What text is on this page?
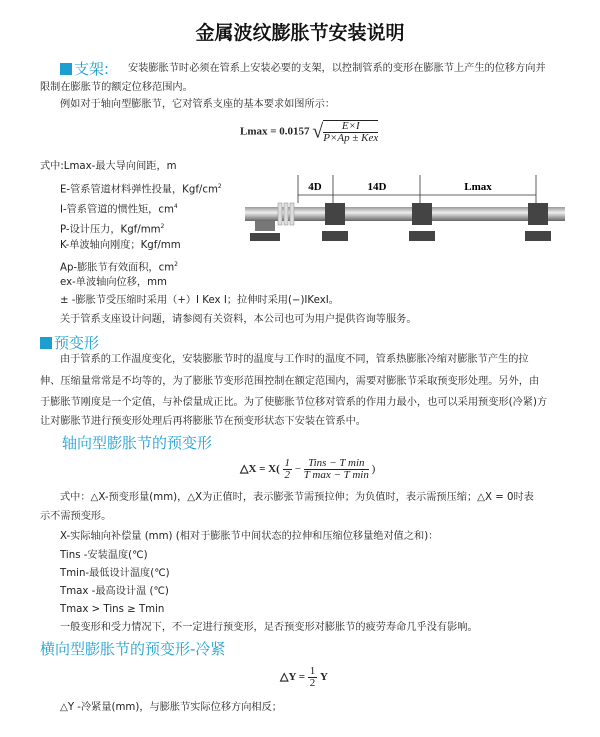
金属波纹膨胀节安装说明
支架: 安装膨胀节时必须在管系上安装必要的支架，以控制管系的变形在膨胀节上产生的位移方向并
限制在膨胀节的额定位移范围内。
例如对于轴向型膨胀节，它对管系支座的基本要求如图所示：
Lmax = 0.0157 √ $\frac{E\times I}{\text{P×Ap ± Kex}}$
式中:Lmax-最大导向间距，m
E-管系管道材料弹性投量，Kgf/$cm^2$
I-管系管道的惯性矩，$cm^4$
P-设计压力，Kgf/$mm^2$
K-单波轴向刚度；Kgf/mm
Ap-膨胀节有效面积，$cm^2$
ex-单波轴向位移，mm
± -膨胀节受压缩时采用（+）I Kex I；拉伸时采用(−)IKexI。
关于管系支座设计问题，请参阅有关资料，本公司也可为用户提供咨询等服务。
4D	14D	Lmax
预变形
由于管系的工作温度变化，安装膨胀节时的温度与工作时的温度不同，管系热膨胀冷缩对膨胀节产生的拉
伸、压缩量常常是不均等的，为了膨胀节变形范围控制在额定范围内，需要对膨胀节采取预变形处理。另外，由
于膨胀节刚度是一个定值，与补偿量成正比。为了使膨胀节位移对管系的作用力最小，也可以采用预变形(冷紧)方
让对膨胀节进行预变形处理后再将膨胀节在预变形状态下安装在管系中。
轴向型膨胀节的预变形
△X = $X( \frac{1}{2} - \frac{\text{Tins − T min}}{\text{T max − T min}}$ )
式中：△X-预变形量(mm)，△X为正值时，表示膨张节需预拉伸；为负值时，表示需预压缩；△X = 0时表
示不需预变形。
X-实际轴向补偿量 (mm) (相对于膨胀节中间状态的拉伸和压缩位移量绝对值之和)：
Tins -安装温度(℃)
Tmin-最低设计温度(℃)
Tmax -最高设计温 (℃)
Tmax > Tins ≥ Tmin
一般变形和受力情况下，不一定进行预变形，足否预变形对膨胀节的疲劳寿命几乎没有影响。
横向型膨胀节的预变形-冷紧
△Y = $\frac{1}{2}$ Y
△Y -冷紧量(mm)，与膨胀节实际位移方向相反；
